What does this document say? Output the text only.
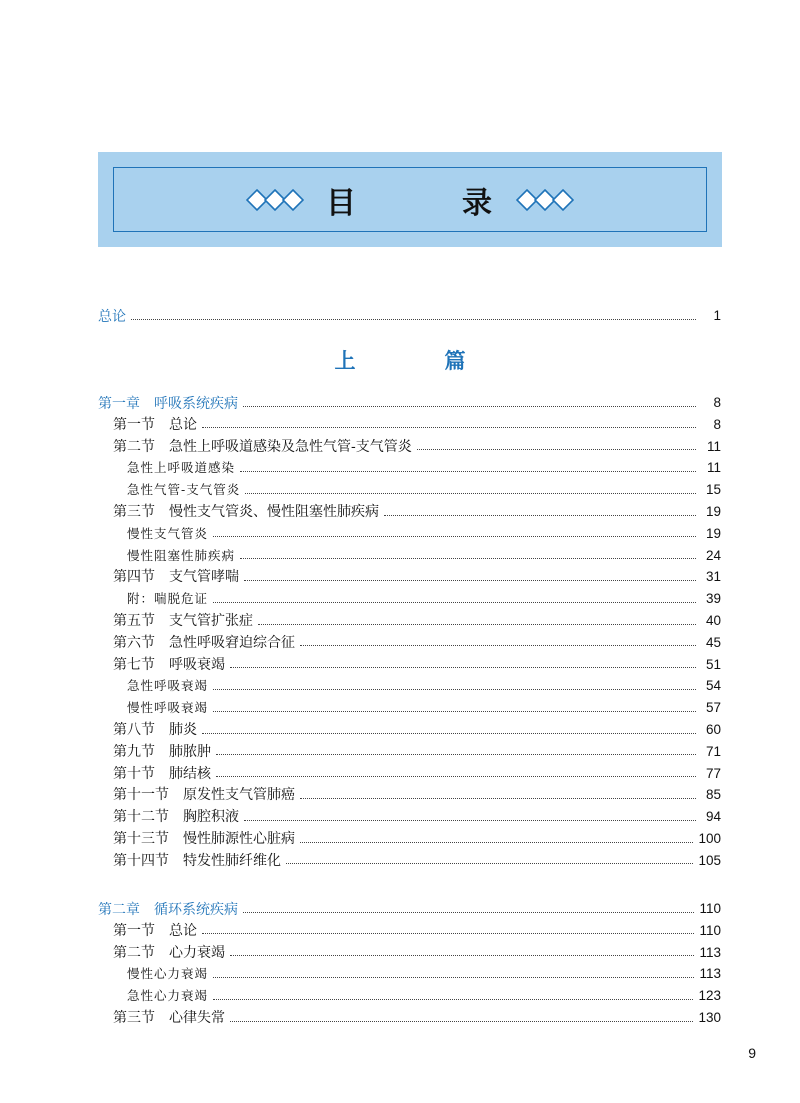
目	录
总论	1
上　篇
第一章　呼吸系统疾病	8
第一节　总论	8
第二节　急性上呼吸道感染及急性气管-支气管炎	11
急性上呼吸道感染	11
急性气管-支气管炎	15
第三节　慢性支气管炎、慢性阻塞性肺疾病	19
慢性支气管炎	19
慢性阻塞性肺疾病	24
第四节　支气管哮喘	31
附：喘脱危证	39
第五节　支气管扩张症	40
第六节　急性呼吸窘迫综合征	45
第七节　呼吸衰竭	51
急性呼吸衰竭	54
慢性呼吸衰竭	57
第八节　肺炎	60
第九节　肺脓肿	71
第十节　肺结核	77
第十一节　原发性支气管肺癌	85
第十二节　胸腔积液	94
第十三节　慢性肺源性心脏病	100
第十四节　特发性肺纤维化	105
第二章　循环系统疾病	110
第一节　总论	110
第二节　心力衰竭	113
慢性心力衰竭	113
急性心力衰竭	123
第三节　心律失常	130
9
